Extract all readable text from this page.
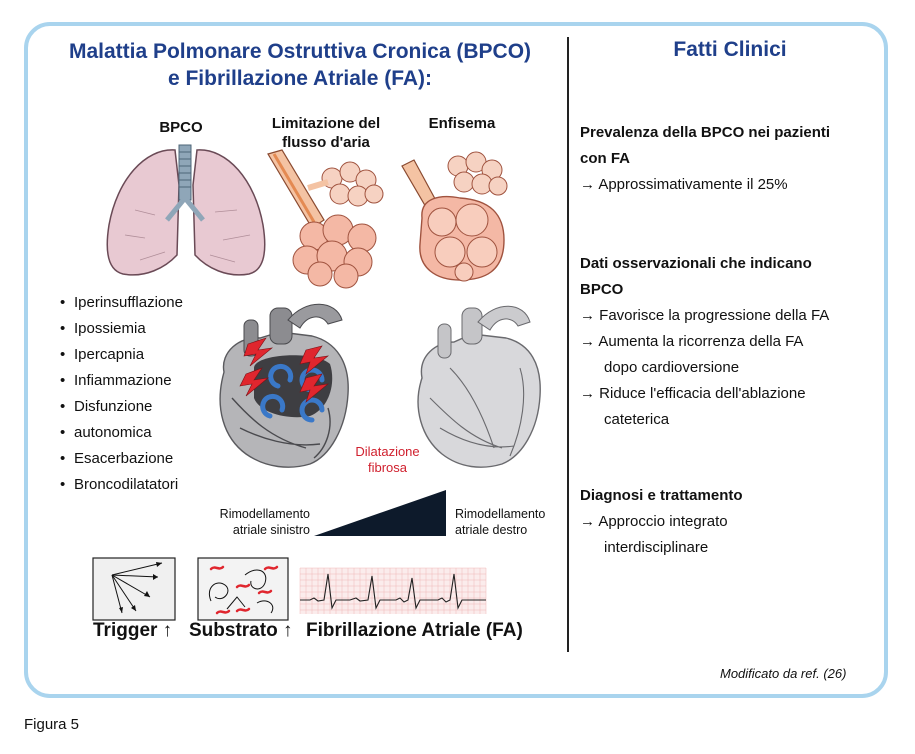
Malattia Polmonare Ostruttiva Cronica (BPCO)
e Fibrillazione Atriale (FA):
Fatti Clinici
BPCO	Limitazione del
flusso d'aria
Enfisema
• Iperinsufflazione
• Ipossiemia
• Ipercapnia
• Infiammazione
• Disfunzione
• autonomica
• Esacerbazione
• Broncodilatatori
Dilatazione
fibrosa
Rimodellamento
atriale sinistro
Rimodellamento
atriale destro
Trigger ↑ Substrato ↑ Fibrillazione Atriale (FA)
Prevalenza della BPCO nei pazienti
con FA
→ Approssimativamente il 25%
Dati osservazionali che indicano
BPCO
→ Favorisce la progressione della FA
→ Aumenta la ricorrenza della FA
dopo cardioversione
→ Riduce l'efficacia dell'ablazione
cateterica
Diagnosi e trattamento
→ Approccio integrato
interdisciplinare
Modificato da ref. (26)
Figura 5
